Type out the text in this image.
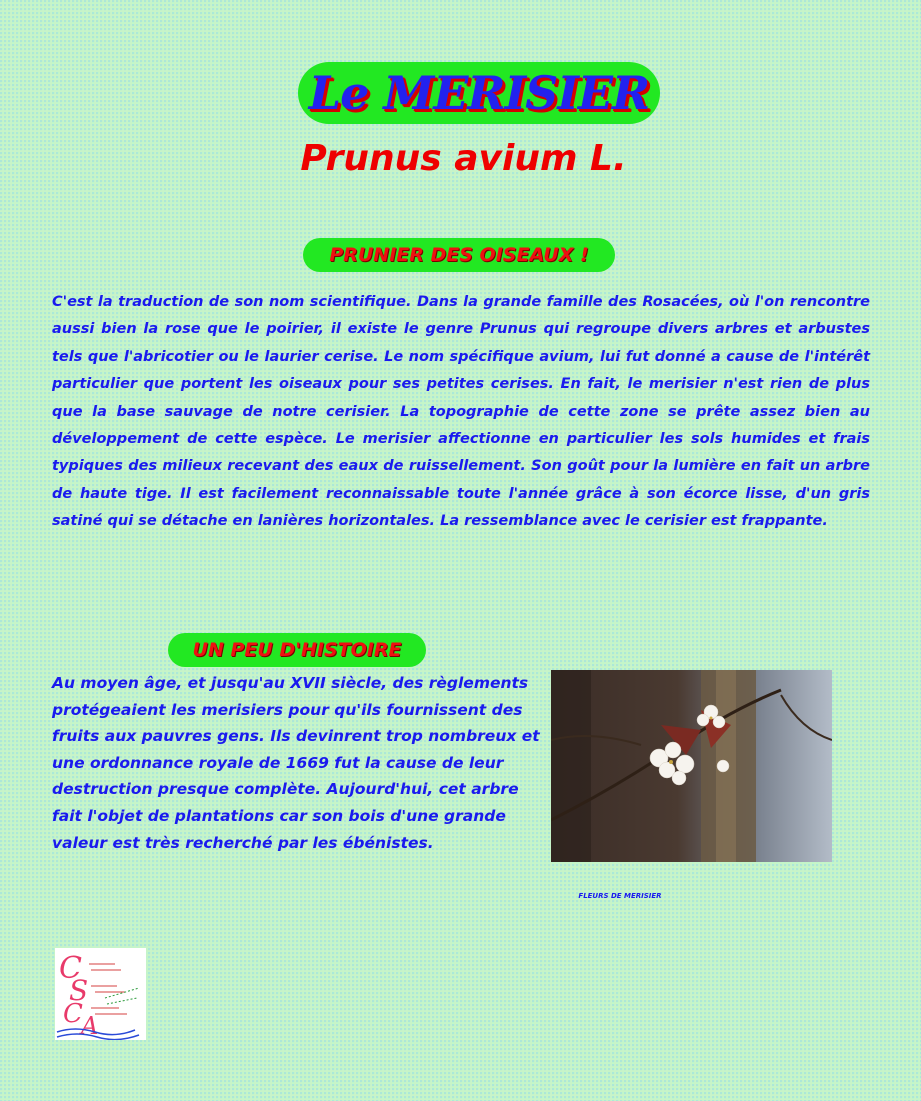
Le MERISIER
Prunus avium L.
PRUNIER DES OISEAUX !

C'est la traduction de son nom scientifique. Dans la grande famille des Rosacées, où l'on rencontre aussi bien la rose que le poirier, il existe le genre Prunus qui regroupe divers arbres et arbustes tels que l'abricotier ou le laurier cerise. Le nom spécifique avium, lui fut donné a cause de l'intérêt particulier que portent les oiseaux pour ses petites cerises. En fait, le merisier n'est rien de plus que la base sauvage de notre cerisier. La topographie de cette zone se prête assez bien au développement de cette espèce. Le merisier affectionne en particulier les sols humides et frais typiques des milieux recevant des eaux de ruissellement. Son goût pour la lumière en fait un arbre de haute tige. Il est facilement reconnaissable toute l'année grâce à son écorce lisse, d'un gris satiné qui se détache en lanières horizontales. La ressemblance avec le cerisier est frappante.

UN PEU D'HISTOIRE

Au moyen âge, et jusqu'au XVII siècle, des règlements protégeaient les merisiers pour qu'ils fournissent des fruits aux pauvres gens. Ils devinrent trop nombreux et une ordonnance royale de 1669 fut la cause de leur destruction presque complète. Aujourd'hui, cet arbre fait l'objet de plantations car son bois d'une grande valeur est très recherché par les ébénistes.

FLEURS DE MERISIER
C
S
C
A
